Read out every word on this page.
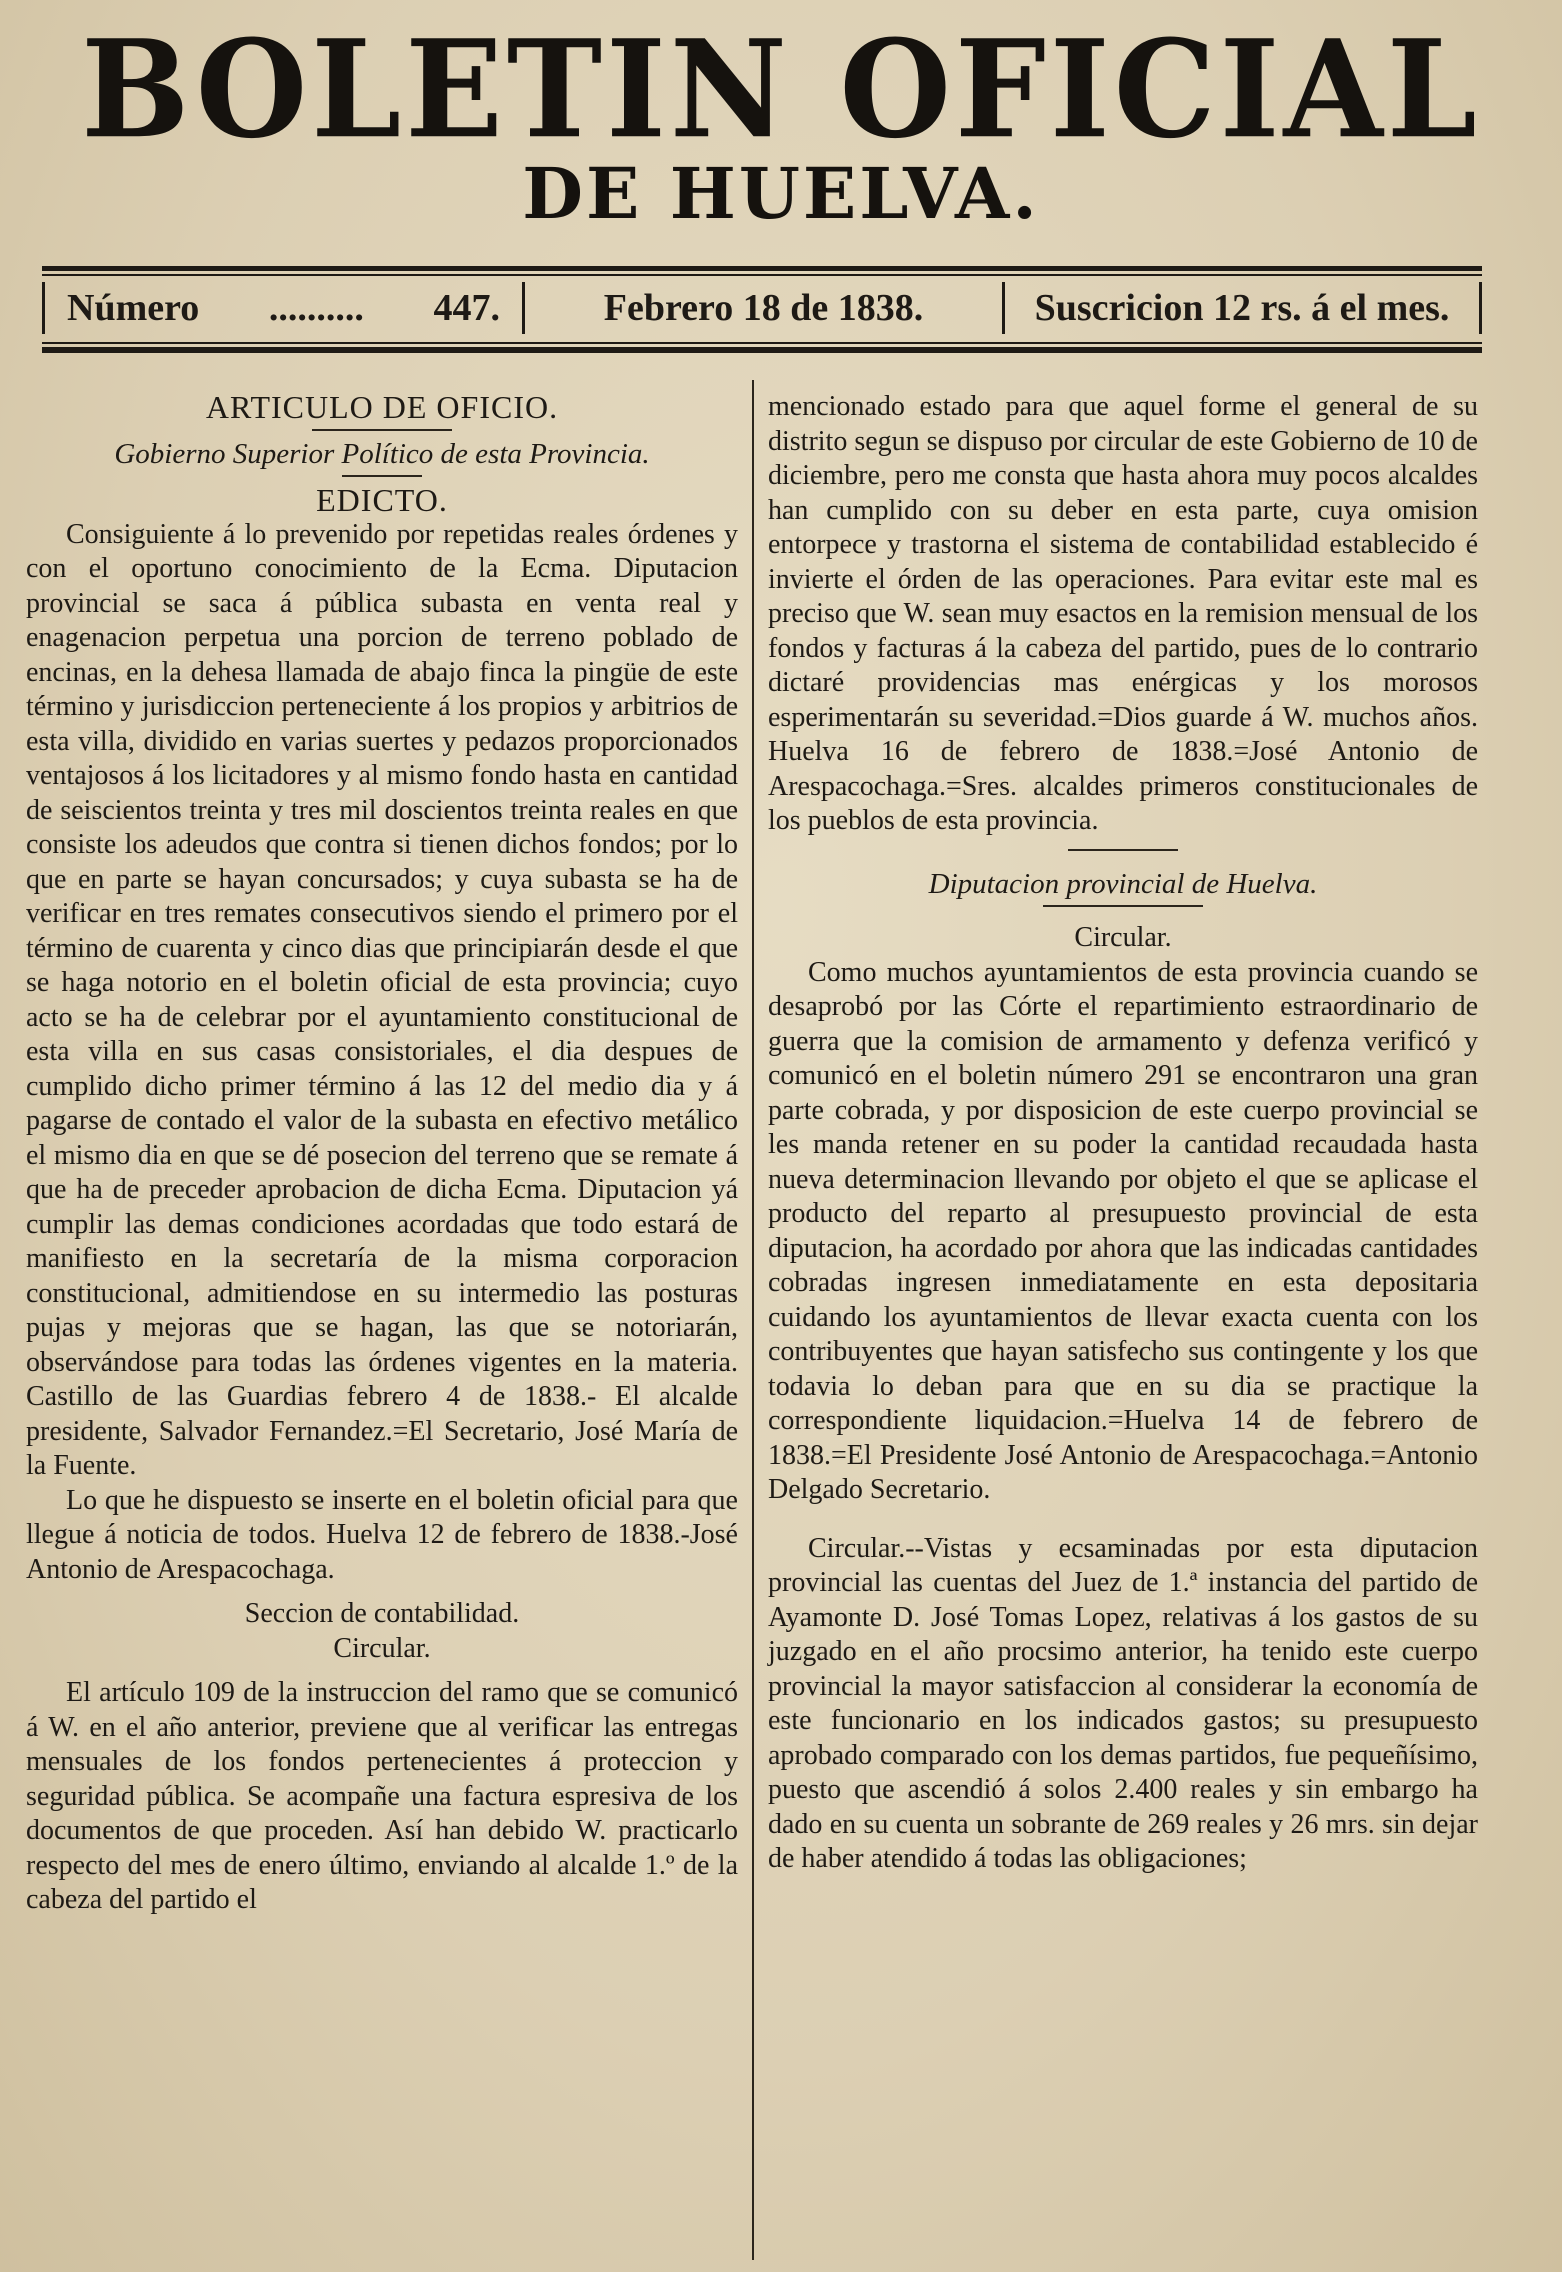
BOLETIN OFICIAL
DE HUELVA.
Número .......... 447.	Febrero 18 de 1838.	Suscricion 12 rs. á el mes.
ARTICULO DE OFICIO.
Gobierno Superior Político de esta Provincia.
EDICTO.

Consiguiente á lo prevenido por repetidas reales órdenes y con el oportuno conocimiento de la Ecma. Diputacion provincial se saca á pública subasta en venta real y enagenacion perpetua una porcion de terreno poblado de encinas, en la dehesa llamada de abajo finca la pingüe de este término y jurisdiccion perteneciente á los propios y arbitrios de esta villa, dividido en varias suertes y pedazos proporcionados ventajosos á los licitadores y al mismo fondo hasta en cantidad de seiscientos treinta y tres mil doscientos treinta reales en que consiste los adeudos que contra si tienen dichos fondos; por lo que en parte se hayan concursados; y cuya subasta se ha de verificar en tres remates consecutivos siendo el primero por el término de cuarenta y cinco dias que principiarán desde el que se haga notorio en el boletin oficial de esta provincia; cuyo acto se ha de celebrar por el ayuntamiento constitucional de esta villa en sus casas consistoriales, el dia despues de cumplido dicho primer término á las 12 del medio dia y á pagarse de contado el valor de la subasta en efectivo metálico el mismo dia en que se dé posecion del terreno que se remate á que ha de preceder aprobacion de dicha Ecma. Diputacion yá cumplir las demas condiciones acordadas que todo estará de manifiesto en la secretaría de la misma corporacion constitucional, admitiendose en su intermedio las posturas pujas y mejoras que se hagan, las que se notoriarán, observándose para todas las órdenes vigentes en la materia. Castillo de las Guardias febrero 4 de 1838.- El alcalde presidente, Salvador Fernandez.=El Secretario, José María de la Fuente.

Lo que he dispuesto se inserte en el boletin oficial para que llegue á noticia de todos. Huelva 12 de febrero de 1838.-José Antonio de Arespacochaga.

Seccion de contabilidad.
Circular.

El artículo 109 de la instruccion del ramo que se comunicó á W. en el año anterior, previene que al verificar las entregas mensuales de los fondos pertenecientes á proteccion y seguridad pública. Se acompañe una factura espresiva de los documentos de que proceden. Así han debido W. practicarlo respecto del mes de enero último, enviando al alcalde 1.º de la cabeza del partido el

mencionado estado para que aquel forme el general de su distrito segun se dispuso por circular de este Gobierno de 10 de diciembre, pero me consta que hasta ahora muy pocos alcaldes han cumplido con su deber en esta parte, cuya omision entorpece y trastorna el sistema de contabilidad establecido é invierte el órden de las operaciones. Para evitar este mal es preciso que W. sean muy esactos en la remision mensual de los fondos y facturas á la cabeza del partido, pues de lo contrario dictaré providencias mas enérgicas y los morosos esperimentarán su severidad.=Dios guarde á W. muchos años. Huelva 16 de febrero de 1838.=José Antonio de Arespacochaga.=Sres. alcaldes primeros constitucionales de los pueblos de esta provincia.

Diputacion provincial de Huelva.
Circular.

Como muchos ayuntamientos de esta provincia cuando se desaprobó por las Córte el repartimiento estraordinario de guerra que la comision de armamento y defenza verificó y comunicó en el boletin número 291 se encontraron una gran parte cobrada, y por disposicion de este cuerpo provincial se les manda retener en su poder la cantidad recaudada hasta nueva determinacion llevando por objeto el que se aplicase el producto del reparto al presupuesto provincial de esta diputacion, ha acordado por ahora que las indicadas cantidades cobradas ingresen inmediatamente en esta depositaria cuidando los ayuntamientos de llevar exacta cuenta con los contribuyentes que hayan satisfecho sus contingente y los que todavia lo deban para que en su dia se practique la correspondiente liquidacion.=Huelva 14 de febrero de 1838.=El Presidente José Antonio de Arespacochaga.=Antonio Delgado Secretario.

Circular.--Vistas y ecsaminadas por esta diputacion provincial las cuentas del Juez de 1.ª instancia del partido de Ayamonte D. José Tomas Lopez, relativas á los gastos de su juzgado en el año procsimo anterior, ha tenido este cuerpo provincial la mayor satisfaccion al considerar la economía de este funcionario en los indicados gastos; su presupuesto aprobado comparado con los demas partidos, fue pequeñísimo, puesto que ascendió á solos 2.400 reales y sin embargo ha dado en su cuenta un sobrante de 269 reales y 26 mrs. sin dejar de haber atendido á todas las obligaciones;
